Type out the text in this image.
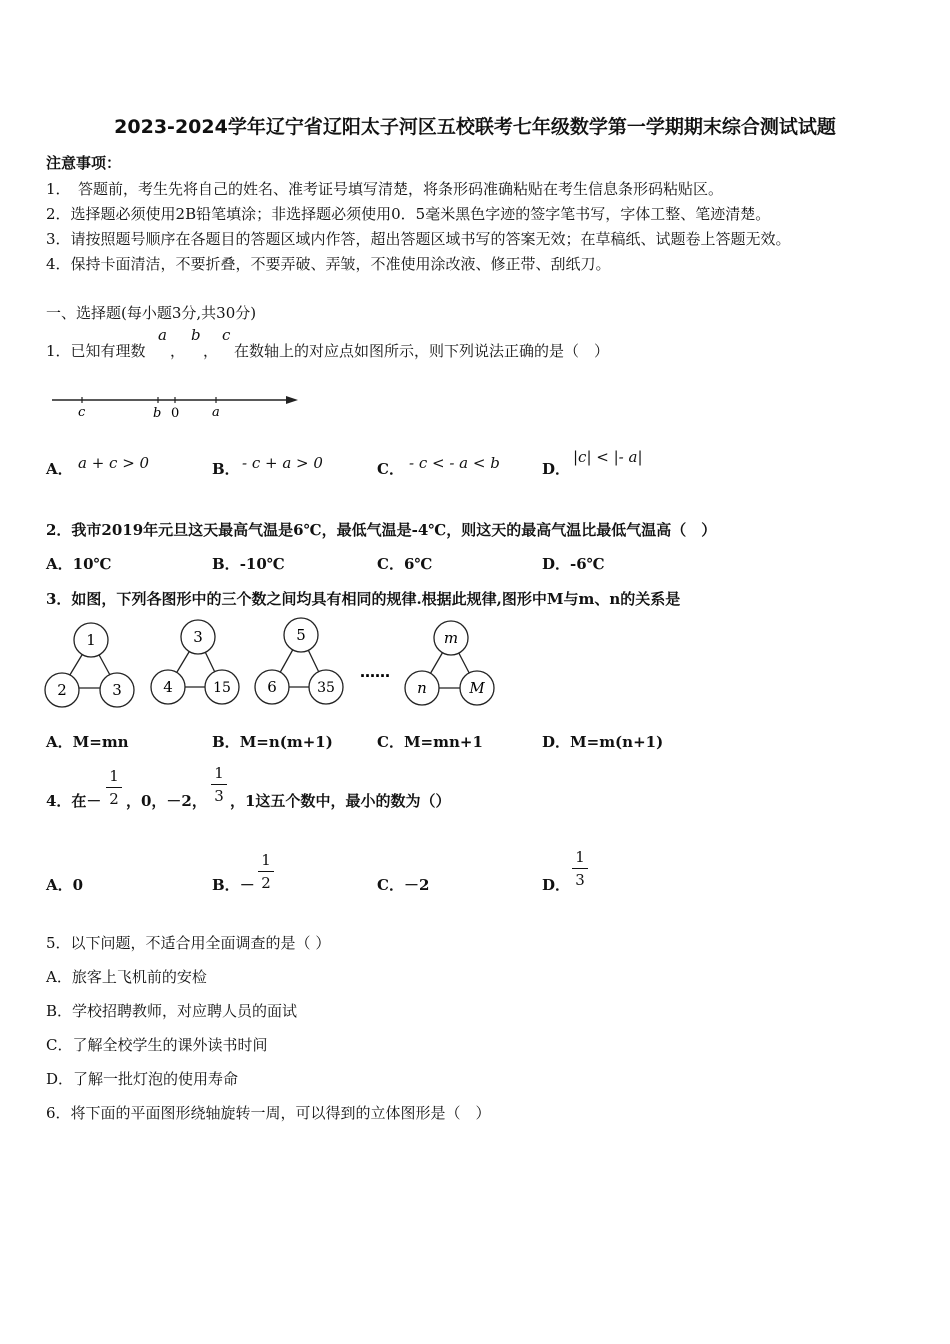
2023-2024学年辽宁省辽阳太子河区五校联考七年级数学第一学期期末综合测试试题
注意事项：
1．　答题前，考生先将自己的姓名、准考证号填写清楚，将条形码准确粘贴在考生信息条形码粘贴区。
2．选择题必须使用2B铅笔填涂；非选择题必须使用0．5毫米黑色字迹的签字笔书写，字体工整、笔迹清楚。
3．请按照题号顺序在各题目的答题区域内作答，超出答题区域书写的答案无效；在草稿纸、试题卷上答题无效。
4．保持卡面清洁，不要折叠，不要弄破、弄皱，不准使用涂改液、修正带、刮纸刀。
一、选择题(每小题3分,共30分)
1．已知有理数
a
，
b
，
c
在数轴上的对应点如图所示，则下列说法正确的是（　）
c	b 0	a
A． a + c > 0	B． - c + a > 0	C． - c < - a < b	D．
|c| < |- a|
2．我市2019年元旦这天最高气温是6℃，最低气温是-4℃，则这天的最高气温比最低气温高（　）
A．10℃	B．-10℃	C．6℃	D．-6℃
3．如图，下列各图形中的三个数之间均具有相同的规律.根据此规律,图形中M与m、n的关系是
1
2	3
3
4	15
5
6	35
……
m
n	M
A．M=mn	B．M=n(m+1)	C．M=mn+1	D．M=m(n+1)
4．在－
1
2 ，0，－2，
1
3 ，1这五个数中，最小的数为（）
A．0	B．－
1
2	C．－2	D．
1
3
5．以下问题，不适合用全面调查的是（ ）
A．旅客上飞机前的安检
B．学校招聘教师，对应聘人员的面试
C．了解全校学生的课外读书时间
D．了解一批灯泡的使用寿命
6．将下面的平面图形绕轴旋转一周，可以得到的立体图形是（　）
